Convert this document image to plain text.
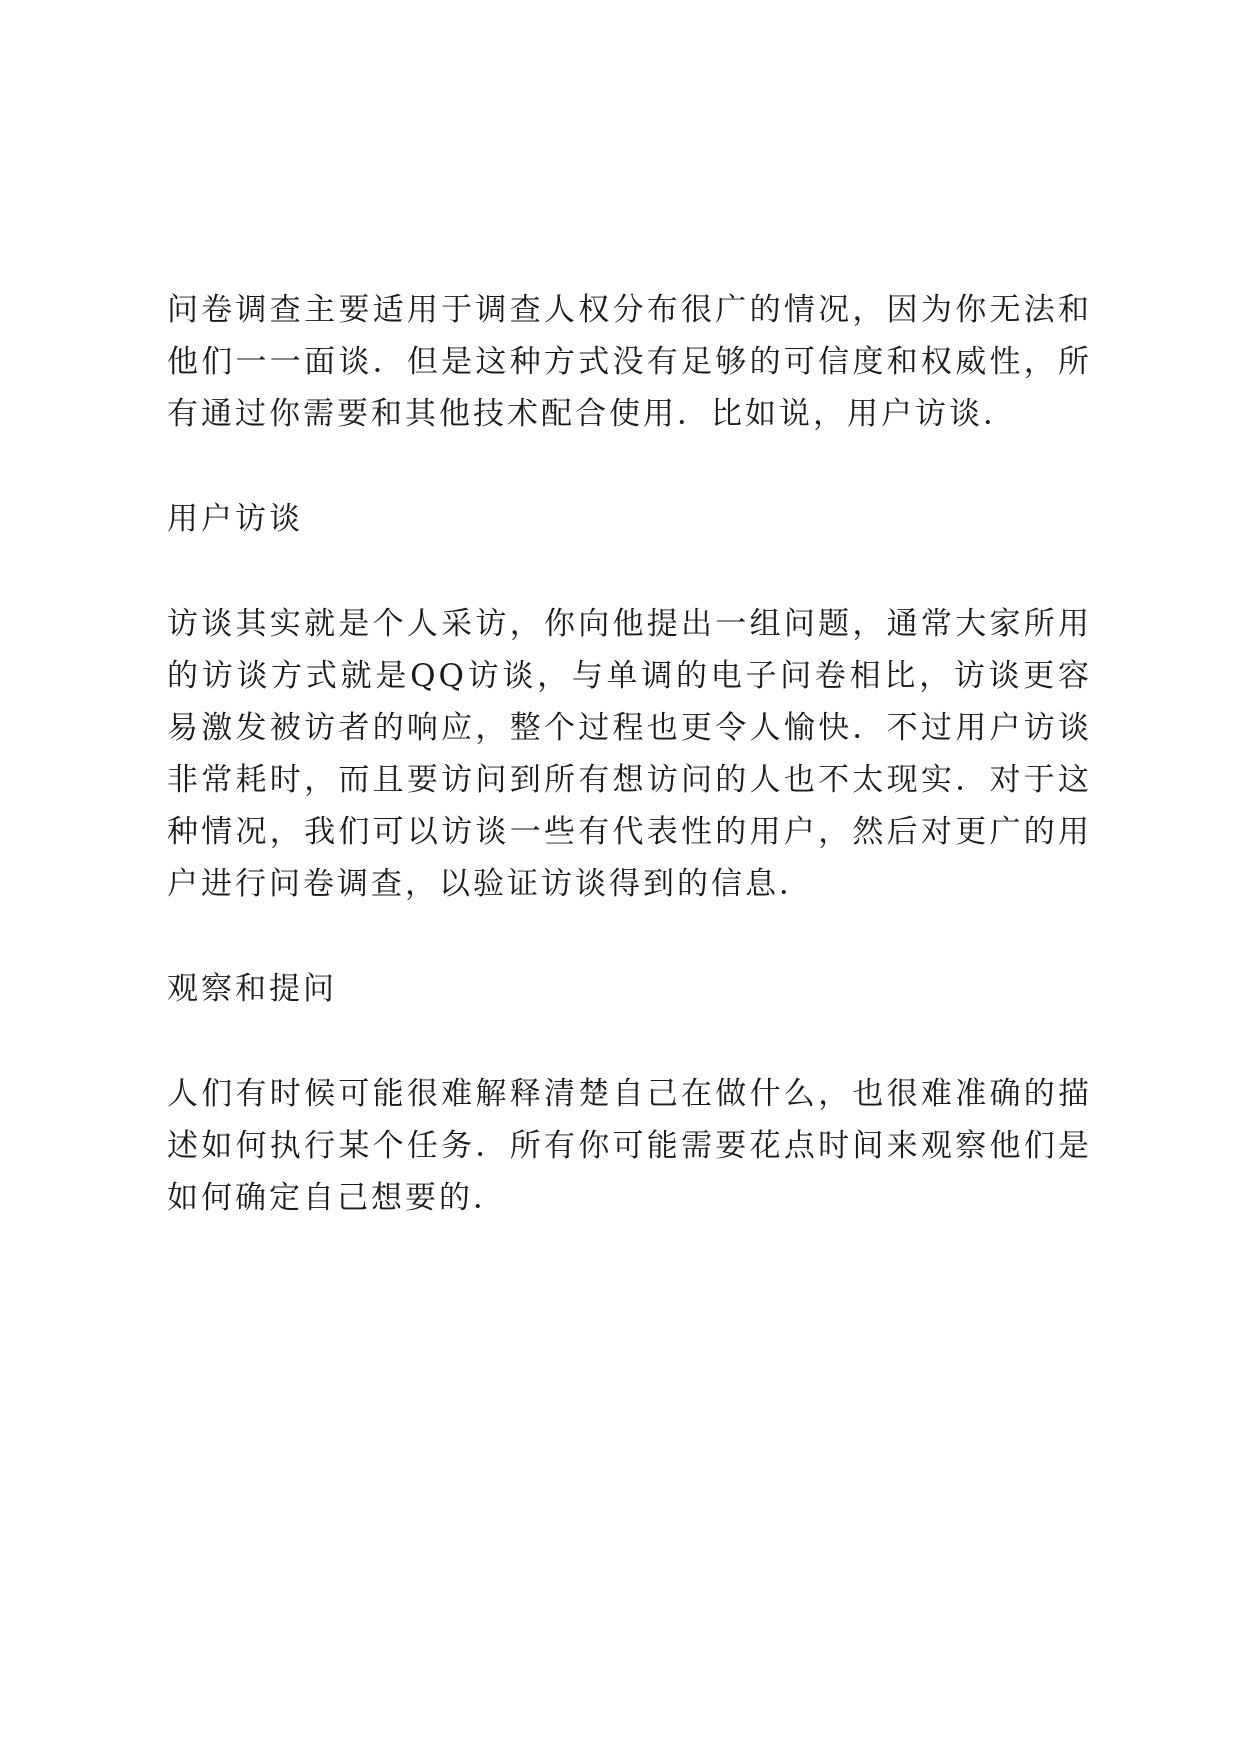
问卷调查主要适用于调查人权分布很广的情况，因为你无法和他们一一面谈．但是这种方式没有足够的可信度和权威性，所有通过你需要和其他技术配合使用．比如说，用户访谈．

用户访谈

访谈其实就是个人采访，你向他提出一组问题，通常大家所用的访谈方式就是QQ访谈，与单调的电子问卷相比，访谈更容易激发被访者的响应，整个过程也更令人愉快．不过用户访谈非常耗时，而且要访问到所有想访问的人也不太现实．对于这种情况，我们可以访谈一些有代表性的用户，然后对更广的用户进行问卷调查，以验证访谈得到的信息．

观察和提问

人们有时候可能很难解释清楚自己在做什么，也很难准确的描述如何执行某个任务．所有你可能需要花点时间来观察他们是如何确定自己想要的．
